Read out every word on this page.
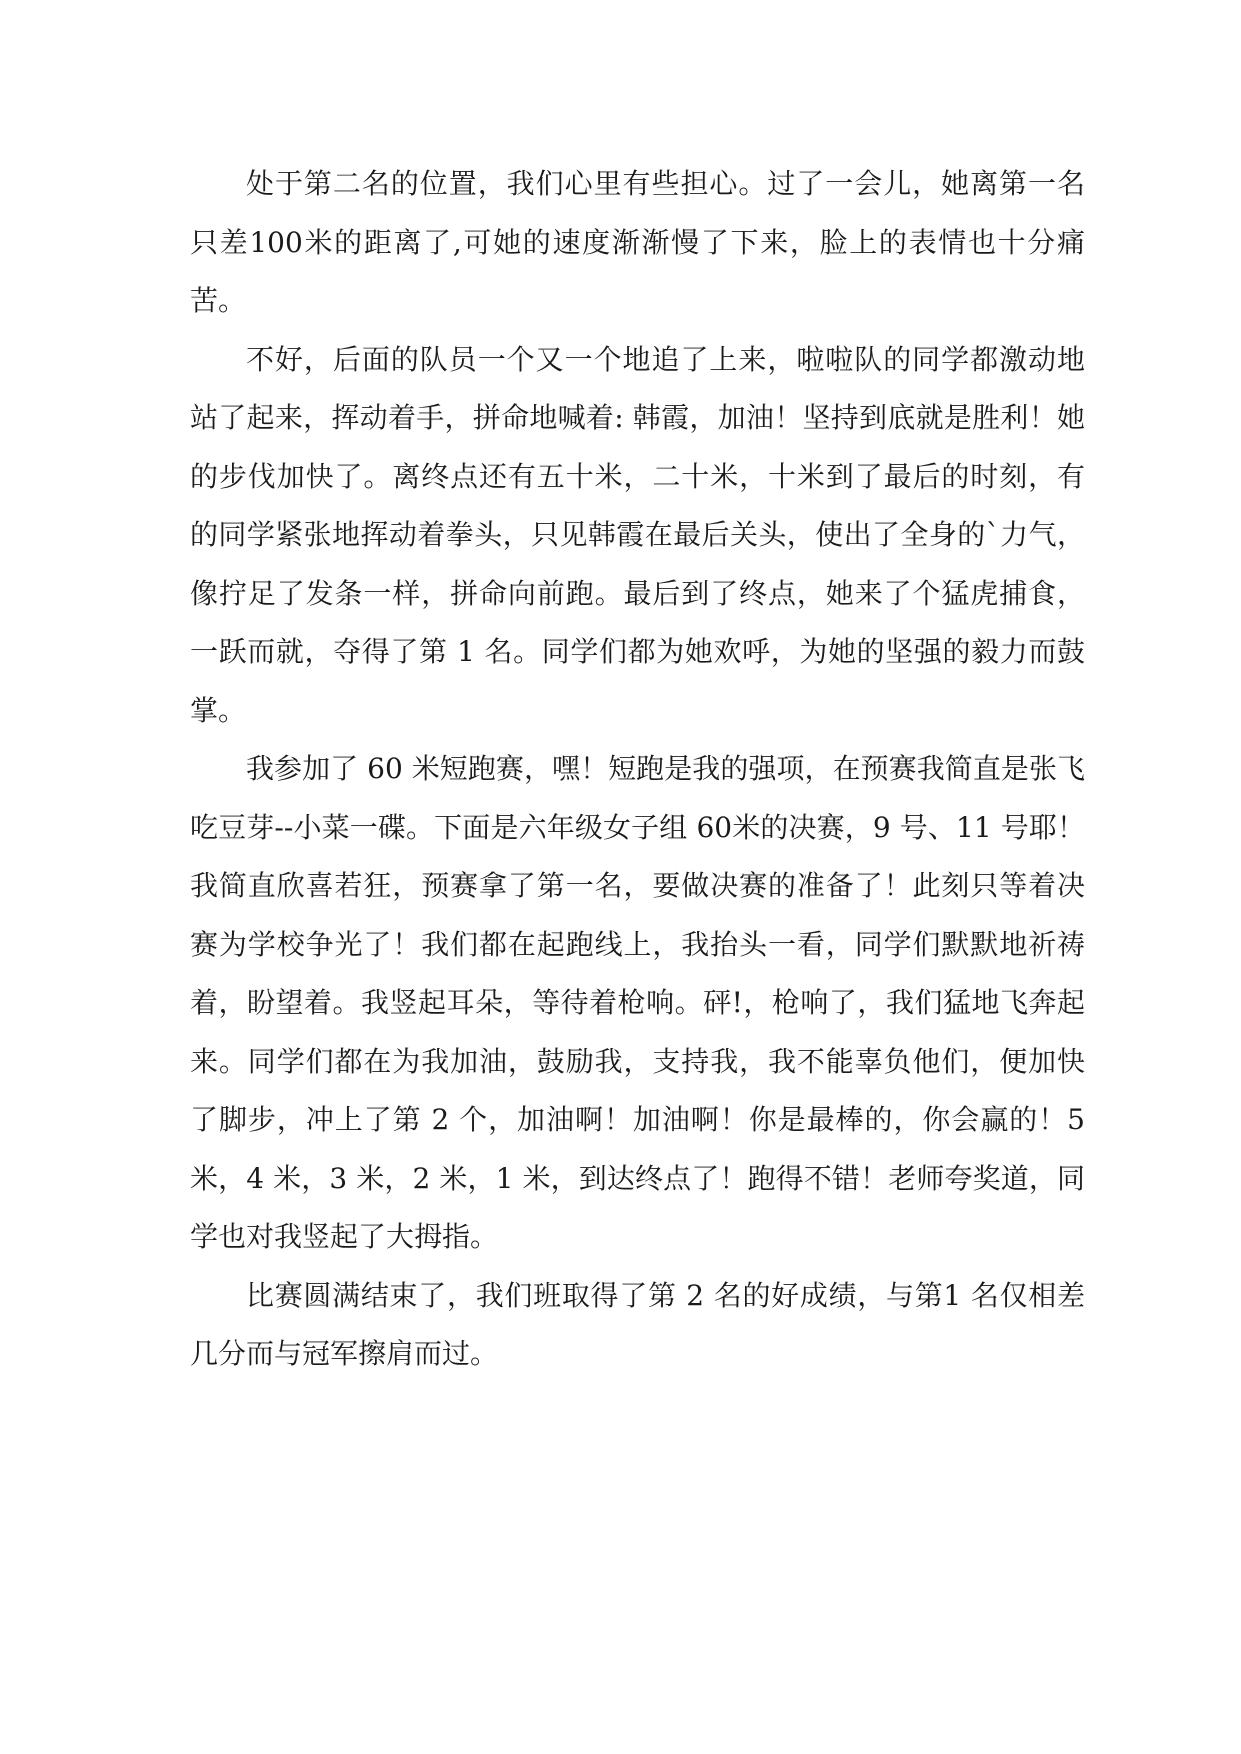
处于第二名的位置，我们心里有些担心。过了一会儿，她离第一名只差100米的距离了,可她的速度渐渐慢了下来，脸上的表情也十分痛苦。

不好，后面的队员一个又一个地追了上来，啦啦队的同学都激动地站了起来，挥动着手，拼命地喊着: 韩霞，加油！坚持到底就是胜利！她的步伐加快了。离终点还有五十米，二十米，十米到了最后的时刻，有的同学紧张地挥动着拳头，只见韩霞在最后关头，使出了全身的`力气，像拧足了发条一样，拼命向前跑。最后到了终点，她来了个猛虎捕食，一跃而就，夺得了第 1 名。同学们都为她欢呼，为她的坚强的毅力而鼓掌。

我参加了 60 米短跑赛，嘿！短跑是我的强项，在预赛我简直是张飞吃豆芽--小菜一碟。下面是六年级女子组 60米的决赛，9 号、11 号耶！我简直欣喜若狂，预赛拿了第一名，要做决赛的准备了！此刻只等着决赛为学校争光了！我们都在起跑线上，我抬头一看，同学们默默地祈祷着，盼望着。我竖起耳朵，等待着枪响。砰!，枪响了，我们猛地飞奔起来。同学们都在为我加油，鼓励我，支持我，我不能辜负他们，便加快了脚步，冲上了第 2 个，加油啊！加油啊！你是最棒的，你会赢的！5 米，4 米，3 米，2 米，1 米，到达终点了！跑得不错！老师夸奖道，同学也对我竖起了大拇指。

比赛圆满结束了，我们班取得了第 2 名的好成绩，与第1 名仅相差几分而与冠军擦肩而过。
